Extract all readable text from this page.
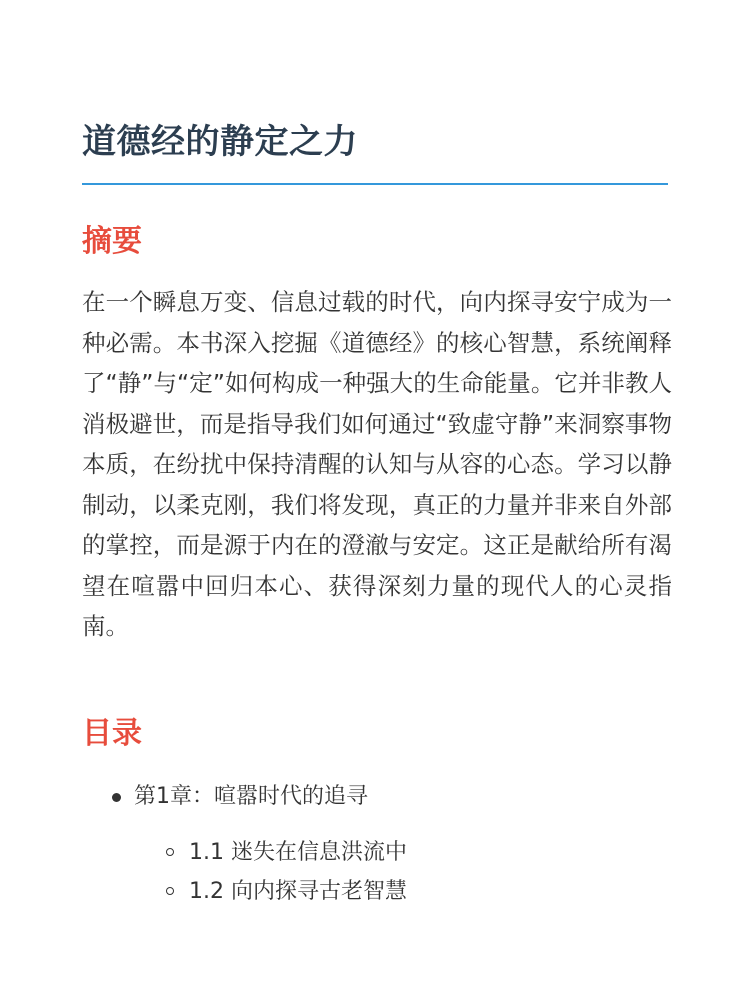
道德经的静定之力
摘要

在一个瞬息万变、信息过载的时代，向内探寻安宁成为一种必需。本书深入挖掘《道德经》的核心智慧，系统阐释了“静”与“定”如何构成一种强大的生命能量。它并非教人消极避世，而是指导我们如何通过“致虚守静”来洞察事物本质，在纷扰中保持清醒的认知与从容的心态。学习以静制动，以柔克刚，我们将发现，真正的力量并非来自外部的掌控，而是源于内在的澄澈与安定。这正是献给所有渴望在喧嚣中回归本心、获得深刻力量的现代人的心灵指南。

目录
第1章：喧嚣时代的追寻
1.1 迷失在信息洪流中
1.2 向内探寻古老智慧
